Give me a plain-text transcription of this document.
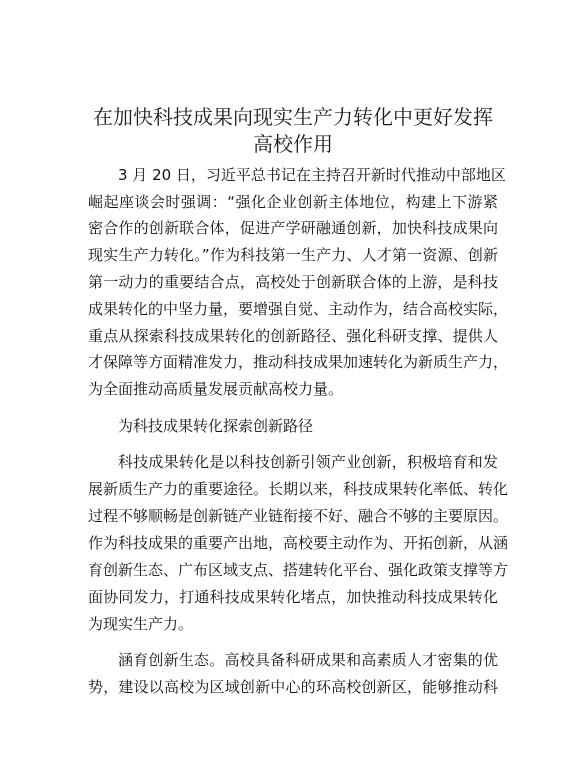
在加快科技成果向现实生产力转化中更好发挥
高校作用
3 月 20 日，习近平总书记在主持召开新时代推动中部地区
崛起座谈会时强调：“强化企业创新主体地位，构建上下游紧
密合作的创新联合体，促进产学研融通创新，加快科技成果向
现实生产力转化。”作为科技第一生产力、人才第一资源、创新
第一动力的重要结合点，高校处于创新联合体的上游，是科技
成果转化的中坚力量，要增强自觉、主动作为，结合高校实际，
重点从探索科技成果转化的创新路径、强化科研支撑、提供人
才保障等方面精准发力，推动科技成果加速转化为新质生产力，
为全面推动高质量发展贡献高校力量。
为科技成果转化探索创新路径
科技成果转化是以科技创新引领产业创新，积极培育和发
展新质生产力的重要途径。长期以来，科技成果转化率低、转化
过程不够顺畅是创新链产业链衔接不好、融合不够的主要原因。
作为科技成果的重要产出地，高校要主动作为、开拓创新，从涵
育创新生态、广布区域支点、搭建转化平台、强化政策支撑等方
面协同发力，打通科技成果转化堵点，加快推动科技成果转化
为现实生产力。
涵育创新生态。高校具备科研成果和高素质人才密集的优
势，建设以高校为区域创新中心的环高校创新区，能够推动科
